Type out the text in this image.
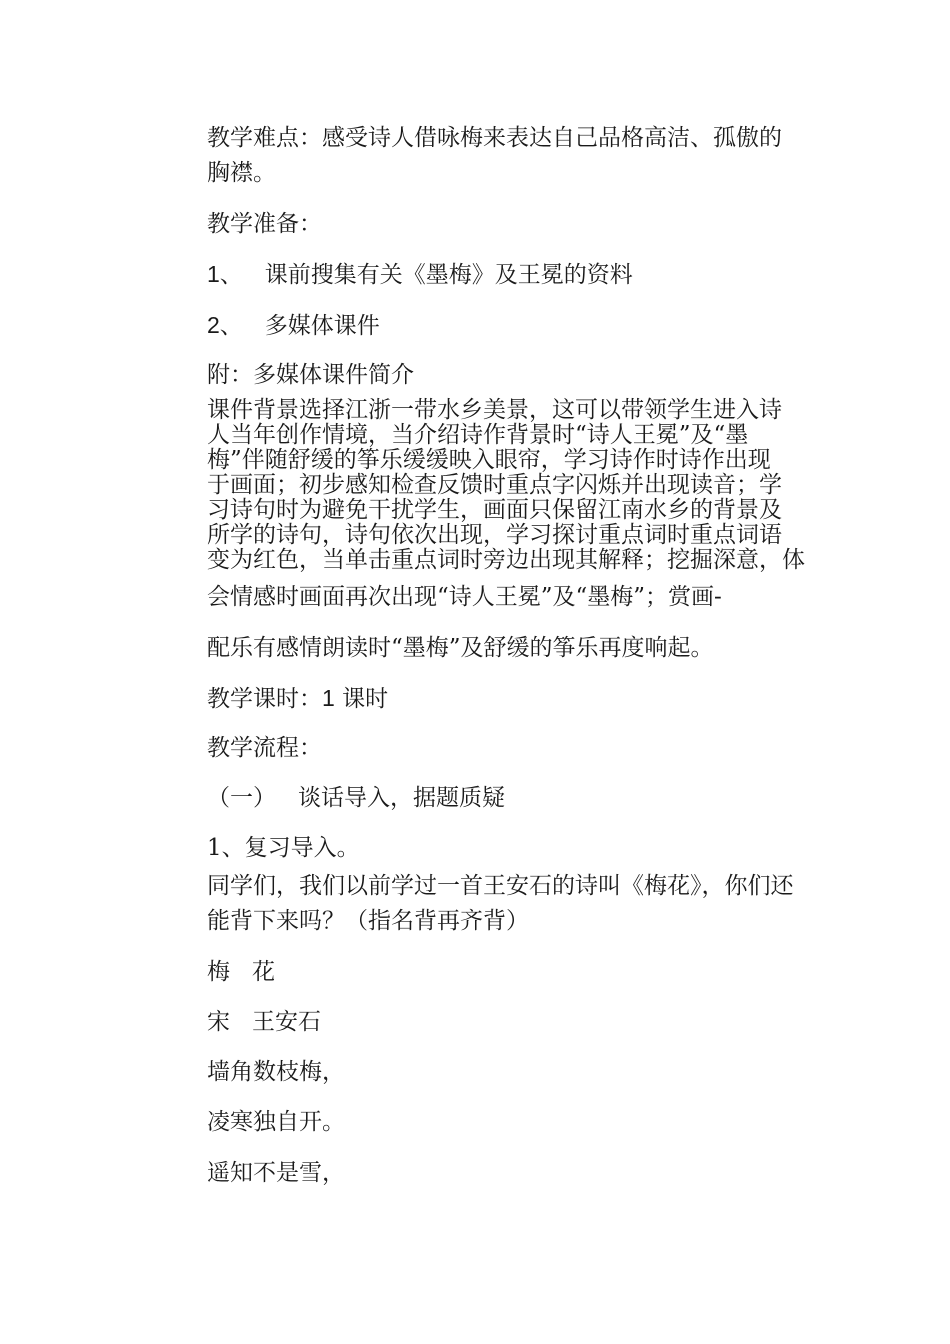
教学难点：感受诗人借咏梅来表达自己品格高洁、孤傲的

胸襟。

教学准备：

1、 课前搜集有关《墨梅》及王冕的资料

2、 多媒体课件

附：多媒体课件简介

课件背景选择江浙一带水乡美景，这可以带领学生进入诗
人当年创作情境，当介绍诗作背景时“诗人王冕”及“墨
梅”伴随舒缓的筝乐缓缓映入眼帘，学习诗作时诗作出现
于画面；初步感知检查反馈时重点字闪烁并出现读音；学
习诗句时为避免干扰学生，画面只保留江南水乡的背景及
所学的诗句，诗句依次出现，学习探讨重点词时重点词语
变为红色，当单击重点词时旁边出现其解释；挖掘深意，体

会情感时画面再次出现“诗人王冕”及“墨梅”；赏画-

配乐有感情朗读时“墨梅”及舒缓的筝乐再度响起。

教学课时：1 课时

教学流程：

（一） 谈话导入，据题质疑

1、复习导入。

同学们，我们以前学过一首王安石的诗叫《梅花》，你们还

能背下来吗？（指名背再齐背）

梅 花

宋 王安石

墙角数枝梅，

凌寒独自开。

遥知不是雪，
